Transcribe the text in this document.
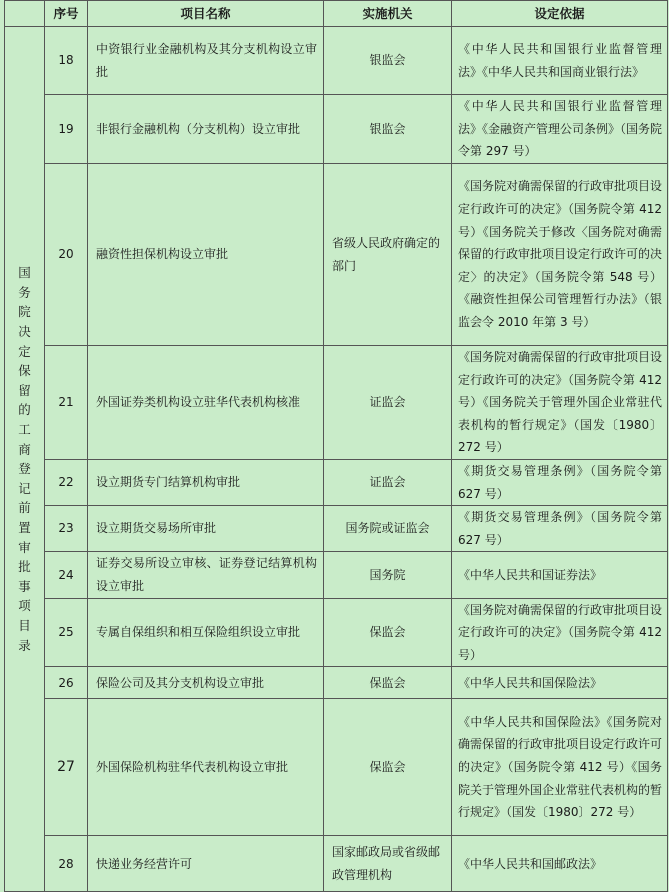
	序号	项目名称	实施机关	设定依据

国务院决定保留的工商登记前置审批事项目录	18	中资银行业金融机构及其分支机构设立审批	银监会	《中华人民共和国银行业监督管理法》《中华人民共和国商业银行法》
	19	非银行金融机构（分支机构）设立审批	银监会	《中华人民共和国银行业监督管理法》《金融资产管理公司条例》（国务院令第 297 号）
	20	融资性担保机构设立审批	省级人民政府确定的部门	《国务院对确需保留的行政审批项目设定行政许可的决定》（国务院令第 412 号）《国务院关于修改〈国务院对确需保留的行政审批项目设定行政许可的决定〉的决定》（国务院令第 548 号）《融资性担保公司管理暂行办法》（银监会令 2010 年第 3 号）
	21	外国证券类机构设立驻华代表机构核准	证监会	《国务院对确需保留的行政审批项目设定行政许可的决定》（国务院令第 412 号）《国务院关于管理外国企业常驻代表机构的暂行规定》（国发〔1980〕272 号）
	22	设立期货专门结算机构审批	证监会	《期货交易管理条例》（国务院令第 627 号）
	23	设立期货交易场所审批	国务院或证监会	《期货交易管理条例》（国务院令第 627 号）
	24	证券交易所设立审核、证券登记结算机构设立审批	国务院	《中华人民共和国证券法》
	25	专属自保组织和相互保险组织设立审批	保监会	《国务院对确需保留的行政审批项目设定行政许可的决定》（国务院令第 412 号）
	26	保险公司及其分支机构设立审批	保监会	《中华人民共和国保险法》
	27	外国保险机构驻华代表机构设立审批	保监会	《中华人民共和国保险法》《国务院对确需保留的行政审批项目设定行政许可的决定》（国务院令第 412 号）《国务院关于管理外国企业常驻代表机构的暂行规定》（国发〔1980〕272 号）
	28	快递业务经营许可	国家邮政局或省级邮政管理机构	《中华人民共和国邮政法》
